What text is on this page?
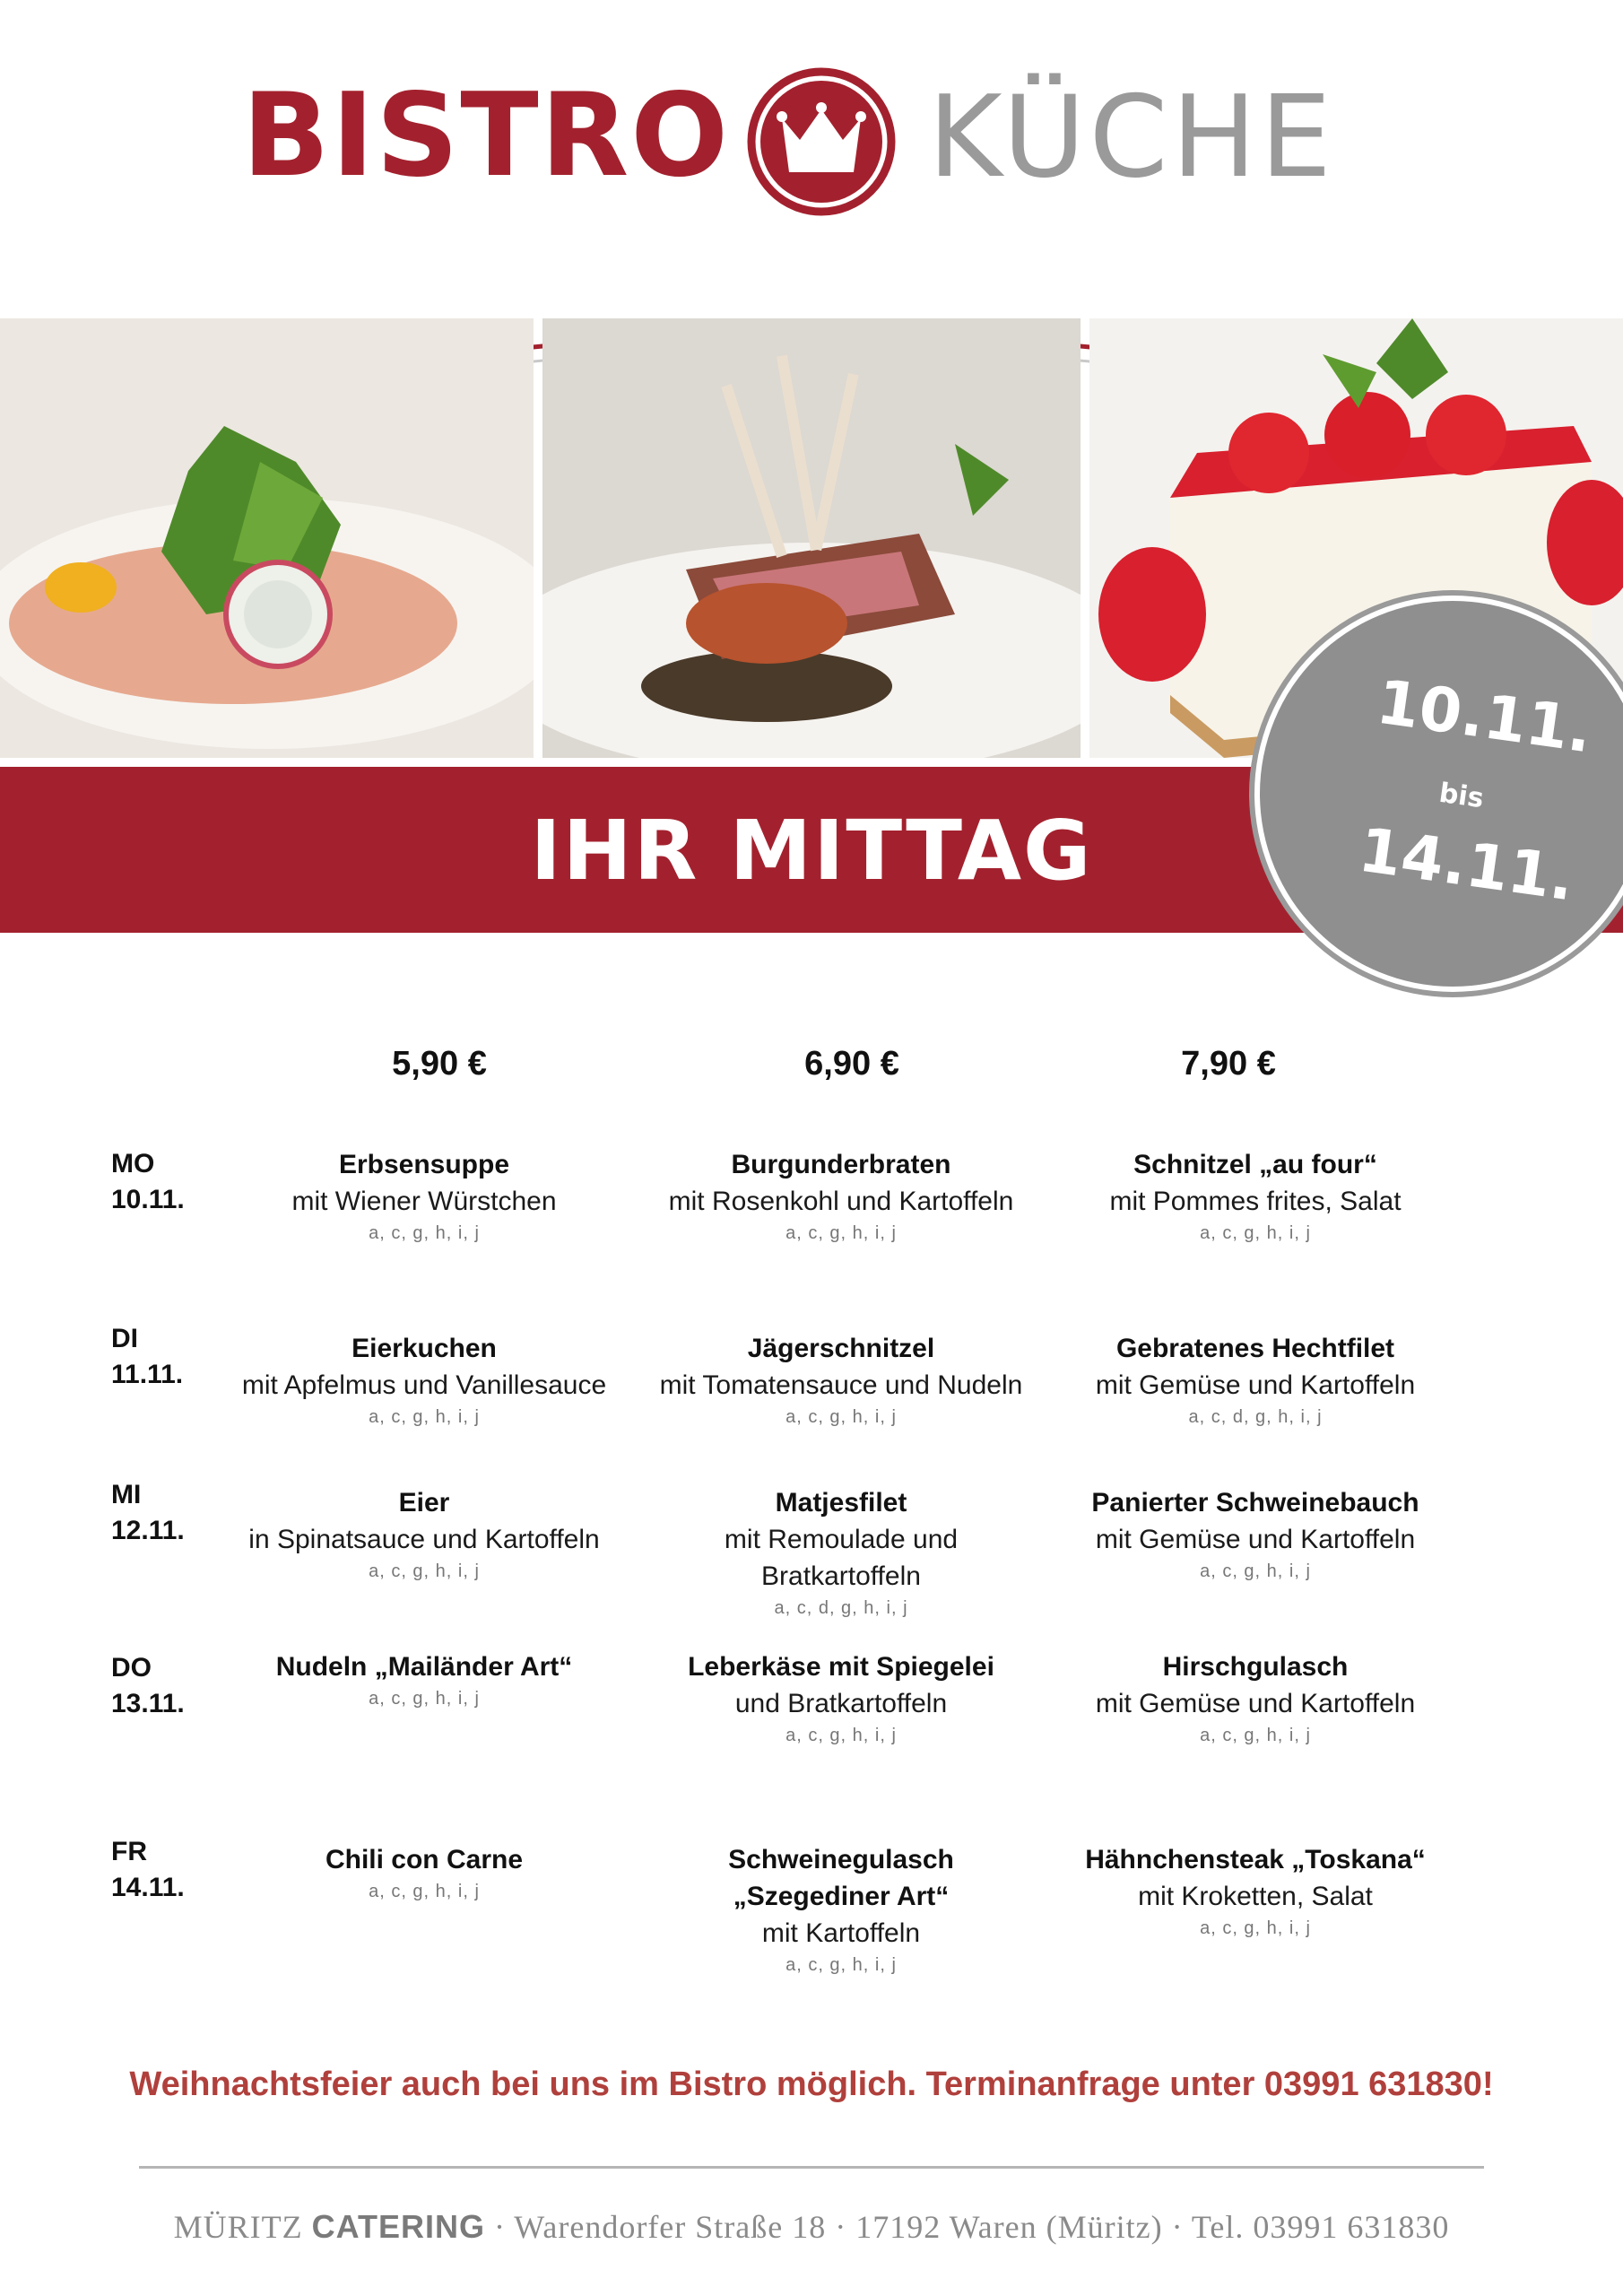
BISTRO KÜCHE
IHR MITTAG
10.11.
bis
14.11.
5,90 €	6,90 €	7,90 €
MO
10.11.
DI
11.11.
MI
12.11.
DO
13.11.
FR
14.11.
Erbsensuppe
mit Wiener Würstchen
a, c, g, h, i, j
Burgunderbraten
mit Rosenkohl und Kartoffeln
a, c, g, h, i, j
Schnitzel „au four“
mit Pommes frites, Salat
a, c, g, h, i, j
Eierkuchen
mit Apfelmus und Vanillesauce
a, c, g, h, i, j
Jägerschnitzel
mit Tomatensauce und Nudeln
a, c, g, h, i, j
Gebratenes Hechtfilet
mit Gemüse und Kartoffeln
a, c, d, g, h, i, j
Eier
in Spinatsauce und Kartoffeln
a, c, g, h, i, j
Matjesfilet
mit Remoulade und
Bratkartoffeln
a, c, d, g, h, i, j
Panierter Schweinebauch
mit Gemüse und Kartoffeln
a, c, g, h, i, j
Nudeln „Mailänder Art“
a, c, g, h, i, j
Leberkäse mit Spiegelei
und Bratkartoffeln
a, c, g, h, i, j
Hirschgulasch
mit Gemüse und Kartoffeln
a, c, g, h, i, j
Chili con Carne
a, c, g, h, i, j
Schweinegulasch
„Szegediner Art“
mit Kartoffeln
a, c, g, h, i, j
Hähnchensteak „Toskana“
mit Kroketten, Salat
a, c, g, h, i, j
Weihnachtsfeier auch bei uns im Bistro möglich. Terminanfrage unter 03991 631830!
MÜRITZ CATERING · Warendorfer Straße 18 · 17192 Waren (Müritz) · Tel. 03991 631830
